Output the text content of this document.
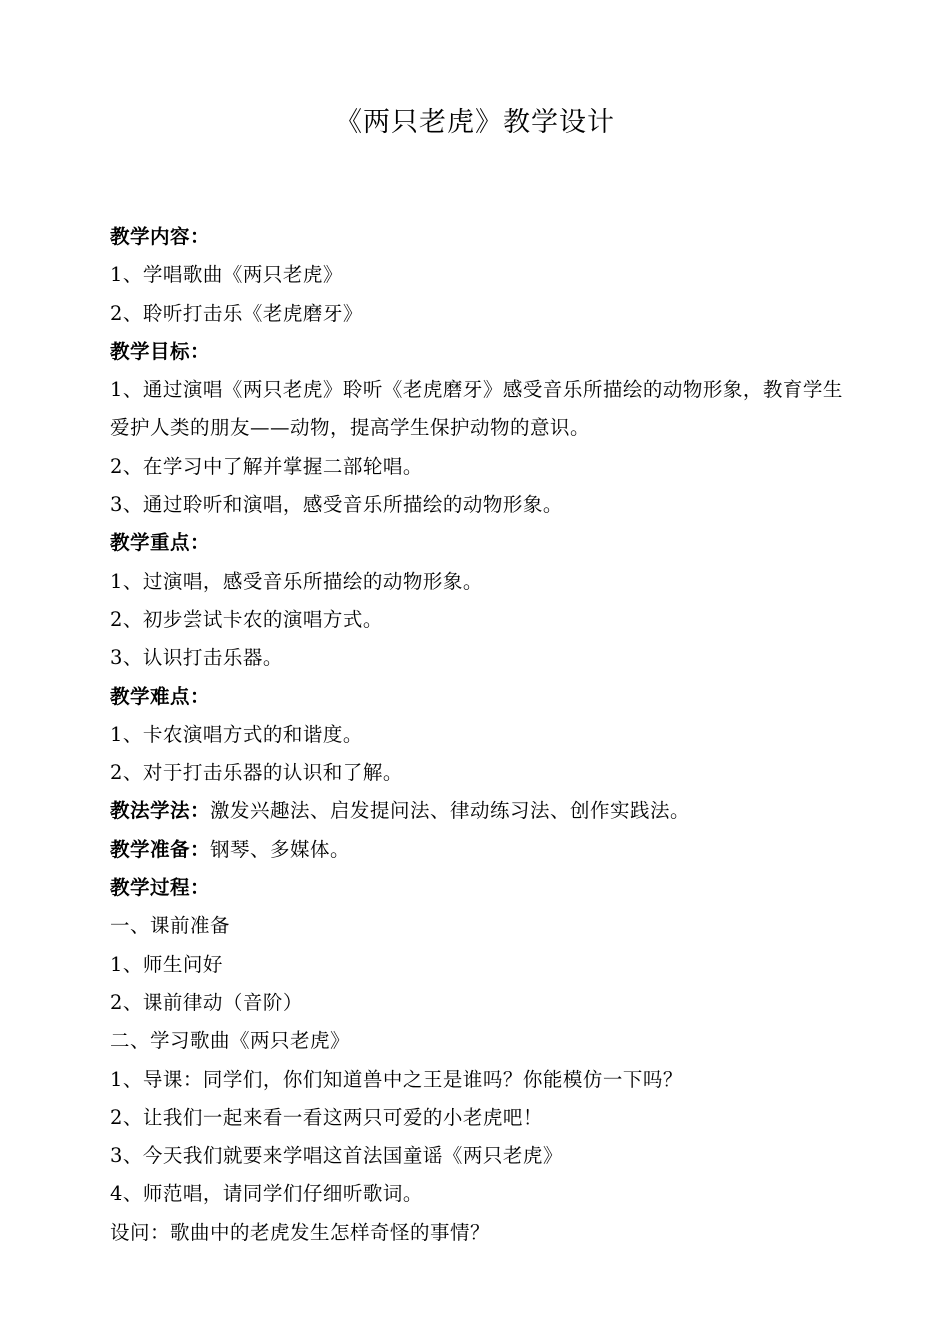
《两只老虎》教学设计
教学内容：
1、学唱歌曲《两只老虎》
2、聆听打击乐《老虎磨牙》
教学目标：
1、通过演唱《两只老虎》聆听《老虎磨牙》感受音乐所描绘的动物形象，教育学生爱护人类的朋友——动物，提高学生保护动物的意识。
2、在学习中了解并掌握二部轮唱。
3、通过聆听和演唱，感受音乐所描绘的动物形象。
教学重点：
1、过演唱，感受音乐所描绘的动物形象。
2、初步尝试卡农的演唱方式。
3、认识打击乐器。
教学难点：
1、卡农演唱方式的和谐度。
2、对于打击乐器的认识和了解。
教法学法：激发兴趣法、启发提问法、律动练习法、创作实践法。
教学准备：钢琴、多媒体。
教学过程：
一、课前准备
1、师生问好
2、课前律动（音阶）
二、学习歌曲《两只老虎》
1、导课：同学们，你们知道兽中之王是谁吗？你能模仿一下吗？
2、让我们一起来看一看这两只可爱的小老虎吧！
3、今天我们就要来学唱这首法国童谣《两只老虎》
4、师范唱，请同学们仔细听歌词。
设问：歌曲中的老虎发生怎样奇怪的事情？
